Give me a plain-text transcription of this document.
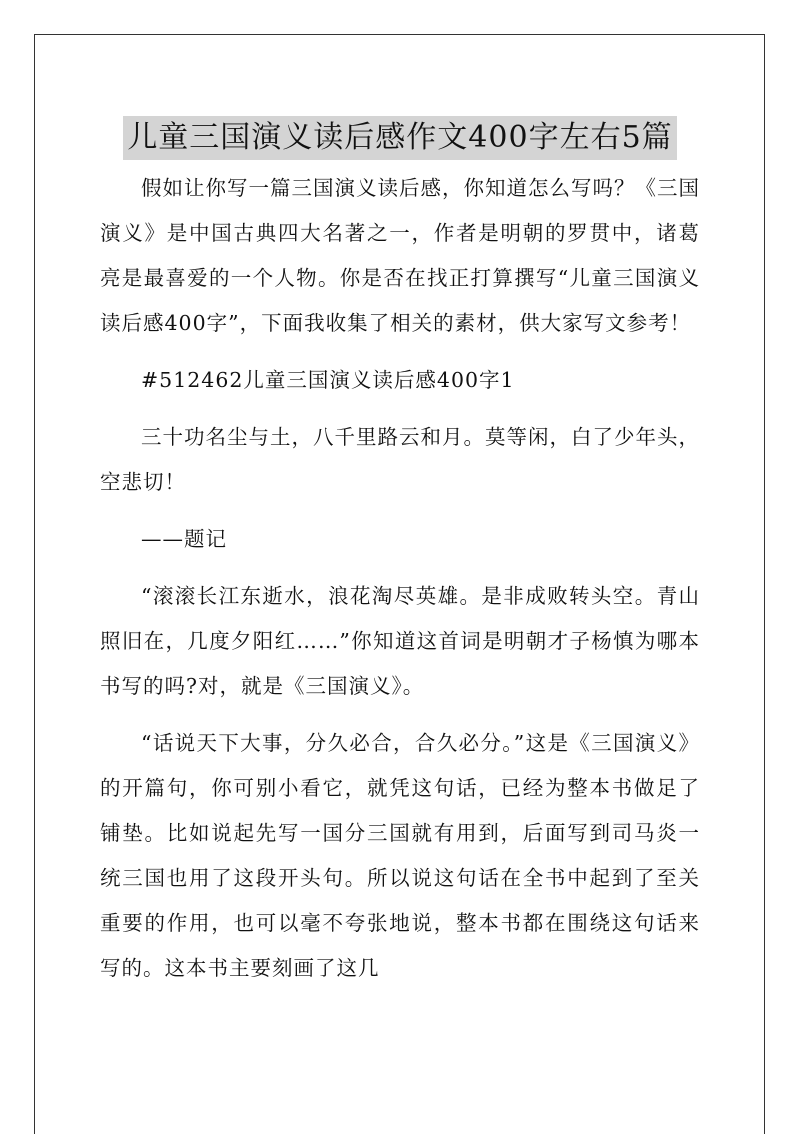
儿童三国演义读后感作文400字左右5篇

假如让你写一篇三国演义读后感，你知道怎么写吗？《三国演义》是中国古典四大名著之一，作者是明朝的罗贯中，诸葛亮是最喜爱的一个人物。你是否在找正打算撰写“儿童三国演义读后感400字”，下面我收集了相关的素材，供大家写文参考！

#512462儿童三国演义读后感400字1

三十功名尘与土，八千里路云和月。莫等闲，白了少年头，空悲切！

——题记

“滚滚长江东逝水，浪花淘尽英雄。是非成败转头空。青山照旧在，几度夕阳红……”你知道这首词是明朝才子杨慎为哪本书写的吗?对，就是《三国演义》。

“话说天下大事，分久必合，合久必分。”这是《三国演义》的开篇句，你可别小看它，就凭这句话，已经为整本书做足了铺垫。比如说起先写一国分三国就有用到，后面写到司马炎一统三国也用了这段开头句。所以说这句话在全书中起到了至关重要的作用，也可以毫不夸张地说，整本书都在围绕这句话来写的。这本书主要刻画了这几
